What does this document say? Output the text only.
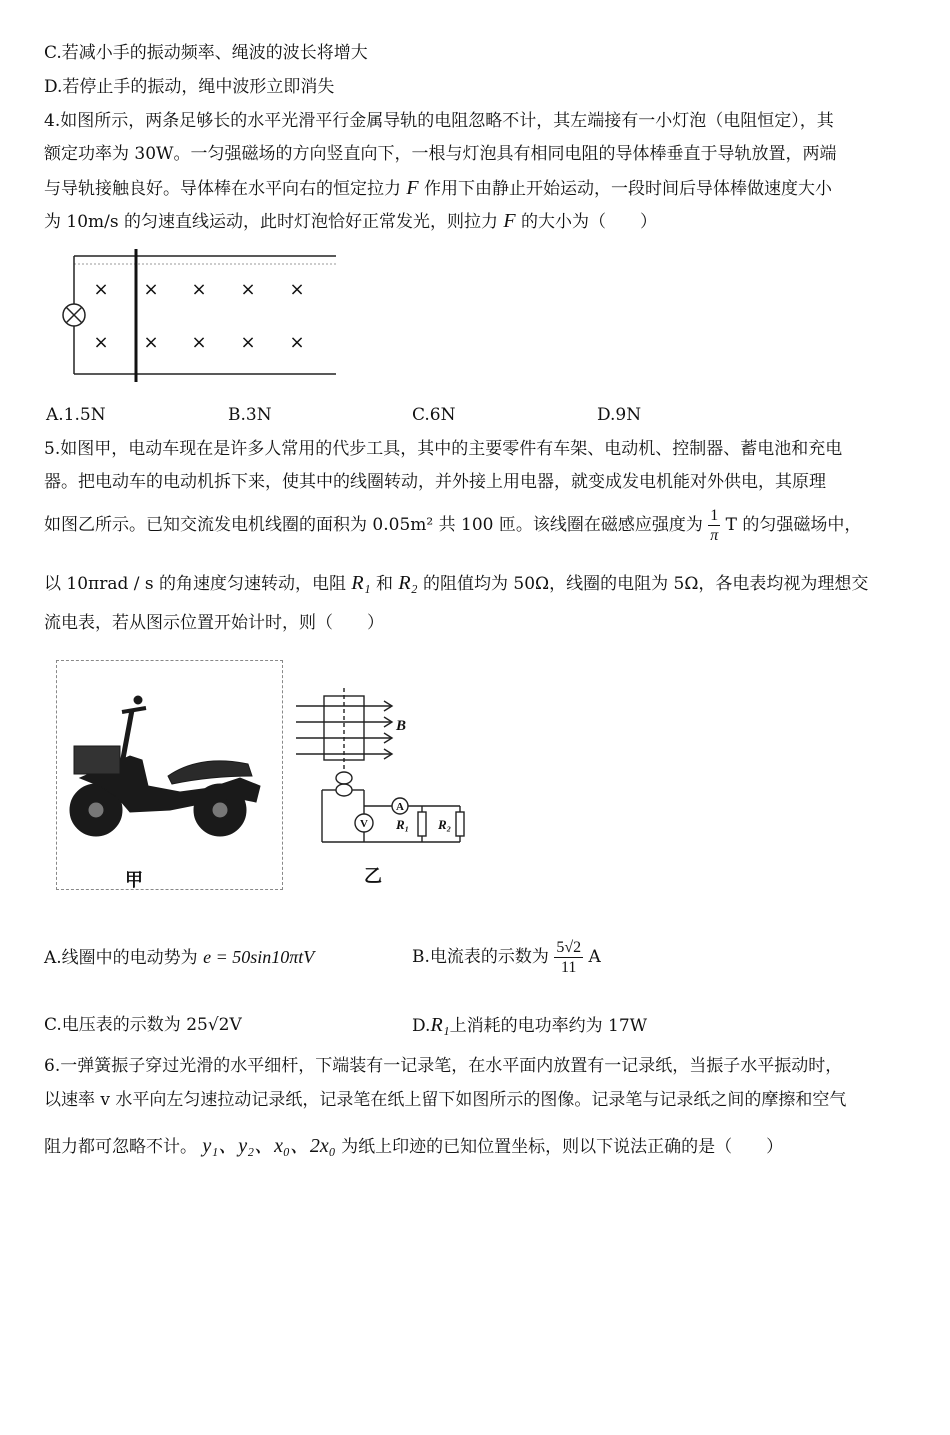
C.若减小手的振动频率、绳波的波长将增大
D.若停止手的振动，绳中波形立即消失
4.如图所示，两条足够长的水平光滑平行金属导轨的电阻忽略不计，其左端接有一小灯泡（电阻恒定），其
额定功率为 30W。一匀强磁场的方向竖直向下，一根与灯泡具有相同电阻的导体棒垂直于导轨放置，两端
与导轨接触良好。导体棒在水平向右的恒定拉力 F 作用下由静止开始运动，一段时间后导体棒做速度大小
为 10m/s 的匀速直线运动，此时灯泡恰好正常发光，则拉力 F 的大小为（　　）
× × × × ×
× × × × ×
A.1.5N	B.3N	C.6N	D.9N
5.如图甲，电动车现在是许多人常用的代步工具，其中的主要零件有车架、电动机、控制器、蓄电池和充电
器。把电动车的电动机拆下来，使其中的线圈转动，并外接上用电器，就变成发电机能对外供电，其原理
如图乙所示。已知交流发电机线圈的面积为 0.05m² 共 100 匝。该线圈在磁感应强度为 $\frac{1}{\pi}$ T 的匀强磁场中，
以 10πrad / s 的角速度匀速转动，电阻 R₁ 和 R₂ 的阻值均为 50Ω，线圈的电阻为 5Ω，各电表均视为理想交
流电表，若从图示位置开始计时，则（　　）
甲
B
A
V R₁ R₂
乙
A.线圈中的电动势为 e = 50sin10πtV	B.电流表的示数为 $\frac{5√2}{11}$ A
C.电压表的示数为 25√2V	D.R₁上消耗的电功率约为 17W
6.一弹簧振子穿过光滑的水平细杆，下端装有一记录笔，在水平面内放置有一记录纸，当振子水平振动时，
以速率 v 水平向左匀速拉动记录纸，记录笔在纸上留下如图所示的图像。记录笔与记录纸之间的摩擦和空气
阻力都可忽略不计。 y₁、y₂、x₀、2x₀ 为纸上印迹的已知位置坐标，则以下说法正确的是（　　）
